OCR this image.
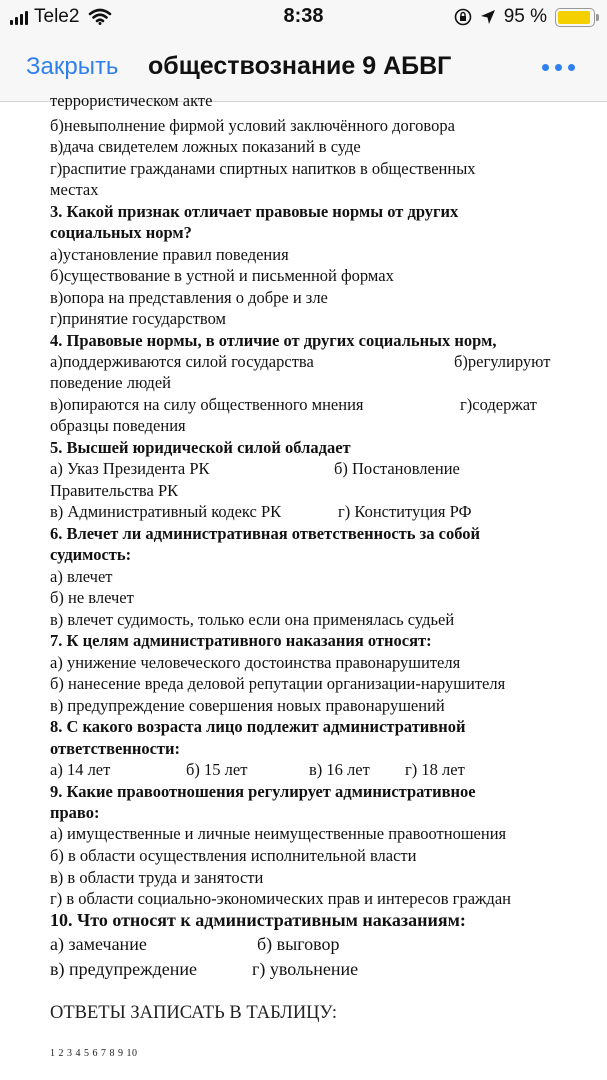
Tele2	8:38	95 %
Закрыть обществознание 9 АБВГ
террористическом акте
б)невыполнение фирмой условий заключённого договора
в)дача свидетелем ложных показаний в суде
г)распитие гражданами спиртных напитков в общественных
местах
3. Какой признак отличает правовые нормы от других
социальных норм?
а)установление правил поведения
б)существование в устной и письменной формах
в)опора на представления о добре и зле
г)принятие государством
4. Правовые нормы, в отличие от других социальных норм,
а)поддерживаются силой государства	б)регулируют
поведение людей
в)опираются на силу общественного мнения	г)содержат
образцы поведения
5. Высшей юридической силой обладает
а) Указ Президента РК	б) Постановление
Правительства РК
в) Административный кодекс РК	г) Конституция РФ
6. Влечет ли административная ответственность за собой
судимость:
а) влечет
б) не влечет
в) влечет судимость, только если она применялась судьей
7. К целям административного наказания относят:
а) унижение человеческого достоинства правонарушителя
б) нанесение вреда деловой репутации организации-нарушителя
в) предупреждение совершения новых правонарушений
8. С какого возраста лицо подлежит административной
ответственности:
а) 14 лет	б) 15 лет	в) 16 лет г) 18 лет
9. Какие правоотношения регулирует административное
право:
а) имущественные и личные неимущественные правоотношения
б) в области осуществления исполнительной власти
в) в области труда и занятости
г) в области социально-экономических прав и интересов граждан
10. Что относят к административным наказаниям:
а) замечание	б) выговор
в) предупреждение	г) увольнение
ОТВЕТЫ ЗАПИСАТЬ В ТАБЛИЦУ:
1 2 3 4 5 6 7 8 9 10
